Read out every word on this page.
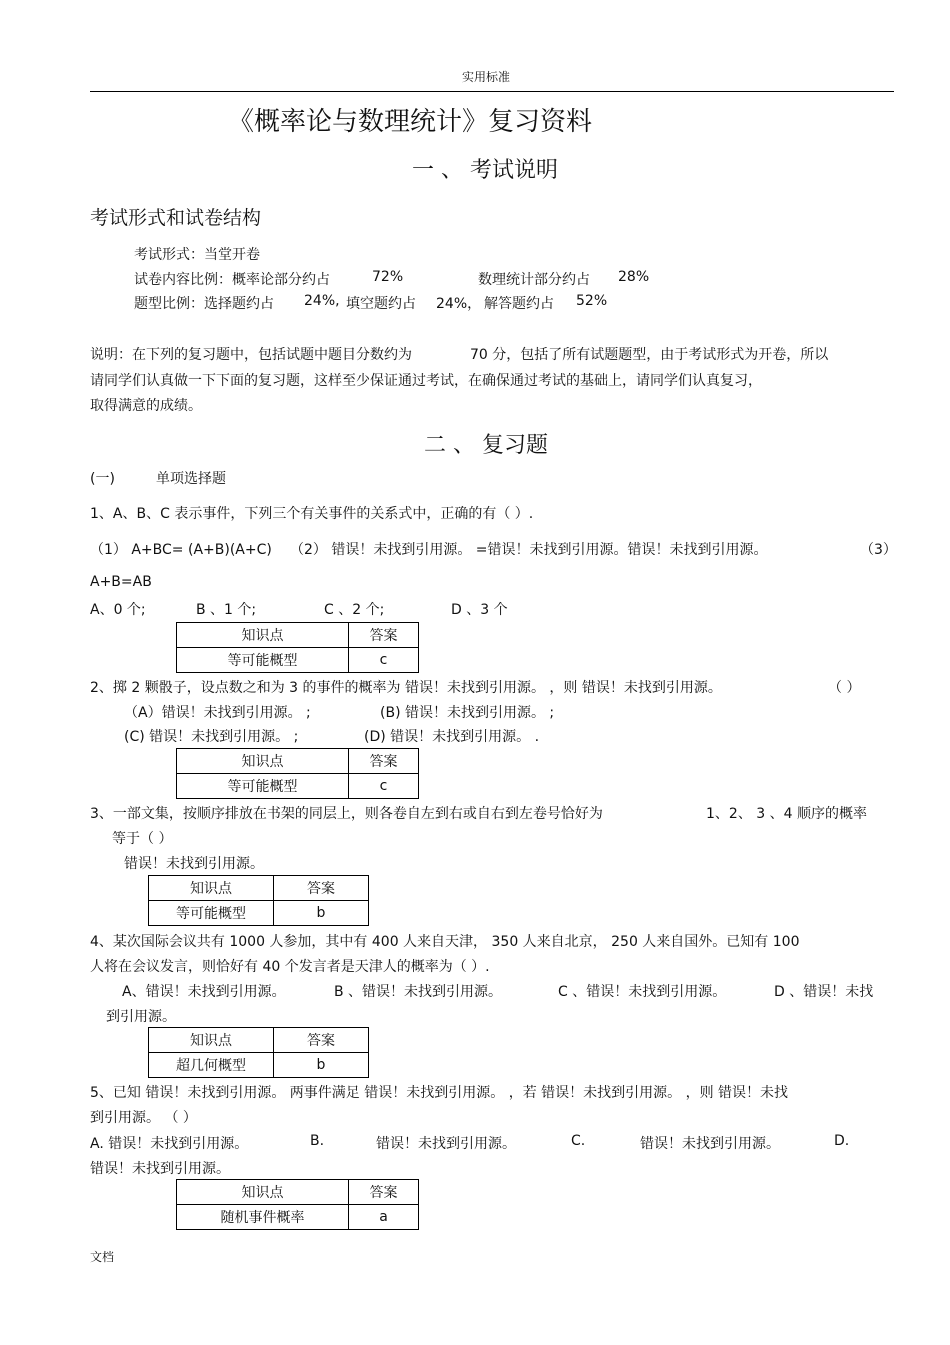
实用标准
《概率论与数理统计》复习资料
一 、 考试说明
考试形式和试卷结构
考试形式：当堂开卷
试卷内容比例：概率论部分约占	72%	数理统计部分约占 28%
题型比例：选择题约占 24%, 填空题约占 24%， 解答题约占 52%
说明：在下列的复习题中，包括试题中题目分数约为	70 分，包括了所有试题题型，由于考试形式为开卷，所以
请同学们认真做一下下面的复习题，这样至少保证通过考试，在确保通过考试的基础上，请同学们认真复习，
取得满意的成绩。
二 、 复习题
(一)	单项选择题
1、A、B、C 表示事件，下列三个有关事件的关系式中，正确的有（ ）.
（1） A+BC= (A+B)(A+C) （2） 错误！未找到引用源。 =错误！未找到引用源。错误！未找到引用源。	（3）
A+B=AB
A、0 个;	B 、1 个;	C 、2 个;	D 、3 个
知识点	答案
等可能概型	c
2、掷 2 颗骰子，设点数之和为 3 的事件的概率为 错误！未找到引用源。 ，则 错误！未找到引用源。	（ ）
（A）错误！未找到引用源。 ;	(B) 错误！未找到引用源。 ;
(C) 错误！未找到引用源。 ;	(D) 错误！未找到引用源。 .
知识点	答案
等可能概型	c
3、一部文集，按顺序排放在书架的同层上，则各卷自左到右或自右到左卷号恰好为	1、2、 3 、4 顺序的概率
等于（ ）
错误！未找到引用源。
知识点	答案
等可能概型	b
4、某次国际会议共有 1000 人参加，其中有 400 人来自天津， 350 人来自北京， 250 人来自国外。已知有 100
人将在会议发言，则恰好有 40 个发言者是天津人的概率为（ ）.
A、错误！未找到引用源。	B 、错误！未找到引用源。	C 、错误！未找到引用源。	D 、错误！未找
到引用源。
知识点	答案
超几何概型	b
5、已知 错误！未找到引用源。 两事件满足 错误！未找到引用源。 ，若 错误！未找到引用源。 ，则 错误！未找
到引用源。 （ ）
A. 错误！未找到引用源。	B.	错误！未找到引用源。	C.	错误！未找到引用源。	D.
错误！未找到引用源。
知识点	答案
随机事件概率	a
文档
